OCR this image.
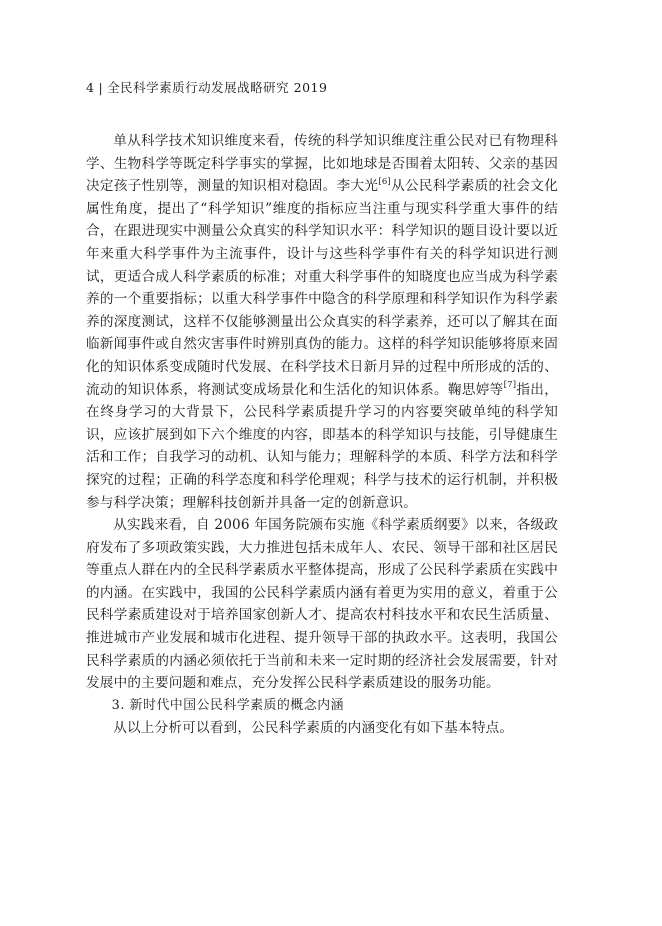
4 | 全民科学素质行动发展战略研究 2019

单从科学技术知识维度来看，传统的科学知识维度注重公民对已有物理科学、生物科学等既定科学事实的掌握，比如地球是否围着太阳转、父亲的基因决定孩子性别等，测量的知识相对稳固。李大光[6]从公民科学素质的社会文化属性角度，提出了“科学知识”维度的指标应当注重与现实科学重大事件的结合，在跟进现实中测量公众真实的科学知识水平：科学知识的题目设计要以近年来重大科学事件为主流事件，设计与这些科学事件有关的科学知识进行测试，更适合成人科学素质的标准；对重大科学事件的知晓度也应当成为科学素养的一个重要指标；以重大科学事件中隐含的科学原理和科学知识作为科学素养的深度测试，这样不仅能够测量出公众真实的科学素养，还可以了解其在面临新闻事件或自然灾害事件时辨别真伪的能力。这样的科学知识能够将原来固化的知识体系变成随时代发展、在科学技术日新月异的过程中所形成的活的、流动的知识体系，将测试变成场景化和生活化的知识体系。鞠思婷等[7]指出，在终身学习的大背景下，公民科学素质提升学习的内容要突破单纯的科学知识，应该扩展到如下六个维度的内容，即基本的科学知识与技能，引导健康生活和工作；自我学习的动机、认知与能力；理解科学的本质、科学方法和科学探究的过程；正确的科学态度和科学伦理观；科学与技术的运行机制，并积极参与科学决策；理解科技创新并具备一定的创新意识。

从实践来看，自 2006 年国务院颁布实施《科学素质纲要》以来，各级政府发布了多项政策实践，大力推进包括未成年人、农民、领导干部和社区居民等重点人群在内的全民科学素质水平整体提高，形成了公民科学素质在实践中的内涵。在实践中，我国的公民科学素质内涵有着更为实用的意义，着重于公民科学素质建设对于培养国家创新人才、提高农村科技水平和农民生活质量、推进城市产业发展和城市化进程、提升领导干部的执政水平。这表明，我国公民科学素质的内涵必须依托于当前和未来一定时期的经济社会发展需要，针对发展中的主要问题和难点，充分发挥公民科学素质建设的服务功能。

3. 新时代中国公民科学素质的概念内涵

从以上分析可以看到，公民科学素质的内涵变化有如下基本特点。
